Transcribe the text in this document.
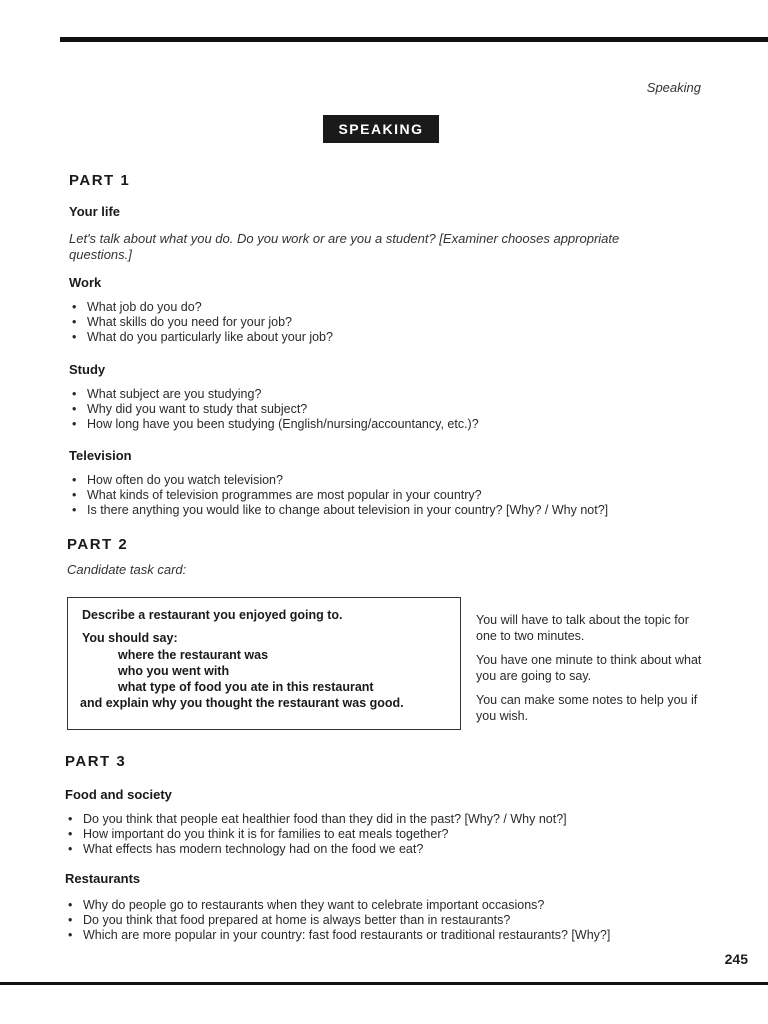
Speaking
SPEAKING
PART 1
Your life
Let's talk about what you do. Do you work or are you a student? [Examiner chooses appropriate questions.]
Work
• What job do you do?
• What skills do you need for your job?
• What do you particularly like about your job?
Study
• What subject are you studying?
• Why did you want to study that subject?
• How long have you been studying (English/nursing/accountancy, etc.)?
Television
• How often do you watch television?
• What kinds of television programmes are most popular in your country?
• Is there anything you would like to change about television in your country? [Why? / Why not?]
PART 2
Candidate task card:
Describe a restaurant you enjoyed going to.
You should say:
where the restaurant was
who you went with
what type of food you ate in this restaurant
and explain why you thought the restaurant was good.
You will have to talk about the topic for one to two minutes.
You have one minute to think about what you are going to say.
You can make some notes to help you if you wish.
PART 3
Food and society
• Do you think that people eat healthier food than they did in the past? [Why? / Why not?]
• How important do you think it is for families to eat meals together?
• What effects has modern technology had on the food we eat?
Restaurants
• Why do people go to restaurants when they want to celebrate important occasions?
• Do you think that food prepared at home is always better than in restaurants?
• Which are more popular in your country: fast food restaurants or traditional restaurants? [Why?]
245
